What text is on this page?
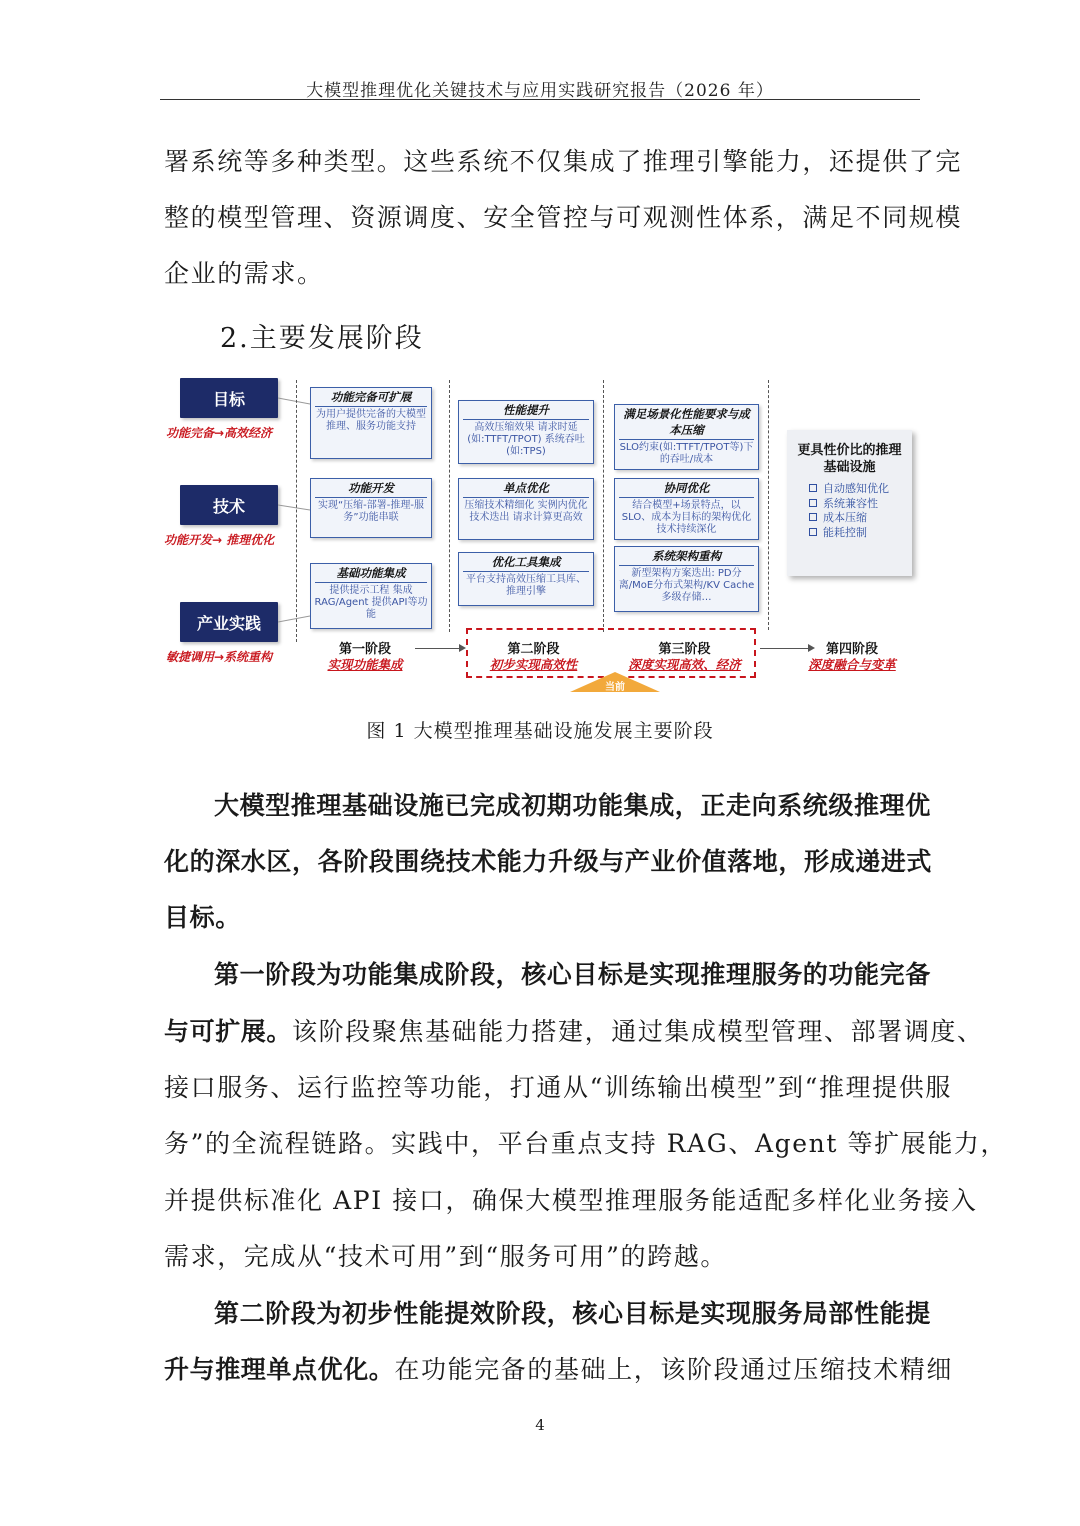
大模型推理优化关键技术与应用实践研究报告（2026 年）
署系统等多种类型。这些系统不仅集成了推理引擎能力，还提供了完
整的模型管理、资源调度、安全管控与可观测性体系，满足不同规模
企业的需求。
2.主要发展阶段
目标
功能完备→高效经济
技术
功能开发→ 推理优化
产业实践
敏捷调用→系统重构
功能完备可扩展
为用户提供完备的大模型推理、服务功能支持
功能开发
实现“压缩-部署-推理-服务”功能串联
基础功能集成
提供提示工程 集成RAG/Agent 提供API等功能
性能提升
高效压缩效果 请求时延(如:TTFT/TPOT) 系统吞吐(如:TPS)
单点优化
压缩技术精细化 实例内优化技术迭出 请求计算更高效
优化工具集成
平台支持高效压缩工具库、推理引擎
满足场景化性能要求与成本压缩
SLO约束(如:TTFT/TPOT等)下的吞吐/成本
协同优化
结合模型+场景特点，以SLO、成本为目标的架构优化技术持续深化
系统架构重构
新型架构方案迭出: PD分离/MoE分布式架构/KV Cache多级存储…
更具性价比的推理基础设施
自动感知优化
系统兼容性
成本压缩
能耗控制
当前
第一阶段
实现功能集成
第二阶段
初步实现高效性
第三阶段
深度实现高效、经济
第四阶段
深度融合与变革
图 1 大模型推理基础设施发展主要阶段
大模型推理基础设施已完成初期功能集成，正走向系统级推理优
化的深水区，各阶段围绕技术能力升级与产业价值落地，形成递进式
目标。
第一阶段为功能集成阶段，核心目标是实现推理服务的功能完备
与可扩展。该阶段聚焦基础能力搭建，通过集成模型管理、部署调度、
接口服务、运行监控等功能，打通从“训练输出模型”到“推理提供服
务”的全流程链路。实践中，平台重点支持 RAG、Agent 等扩展能力，
并提供标准化 API 接口，确保大模型推理服务能适配多样化业务接入
需求，完成从“技术可用”到“服务可用”的跨越。
第二阶段为初步性能提效阶段，核心目标是实现服务局部性能提
升与推理单点优化。在功能完备的基础上，该阶段通过压缩技术精细
4
